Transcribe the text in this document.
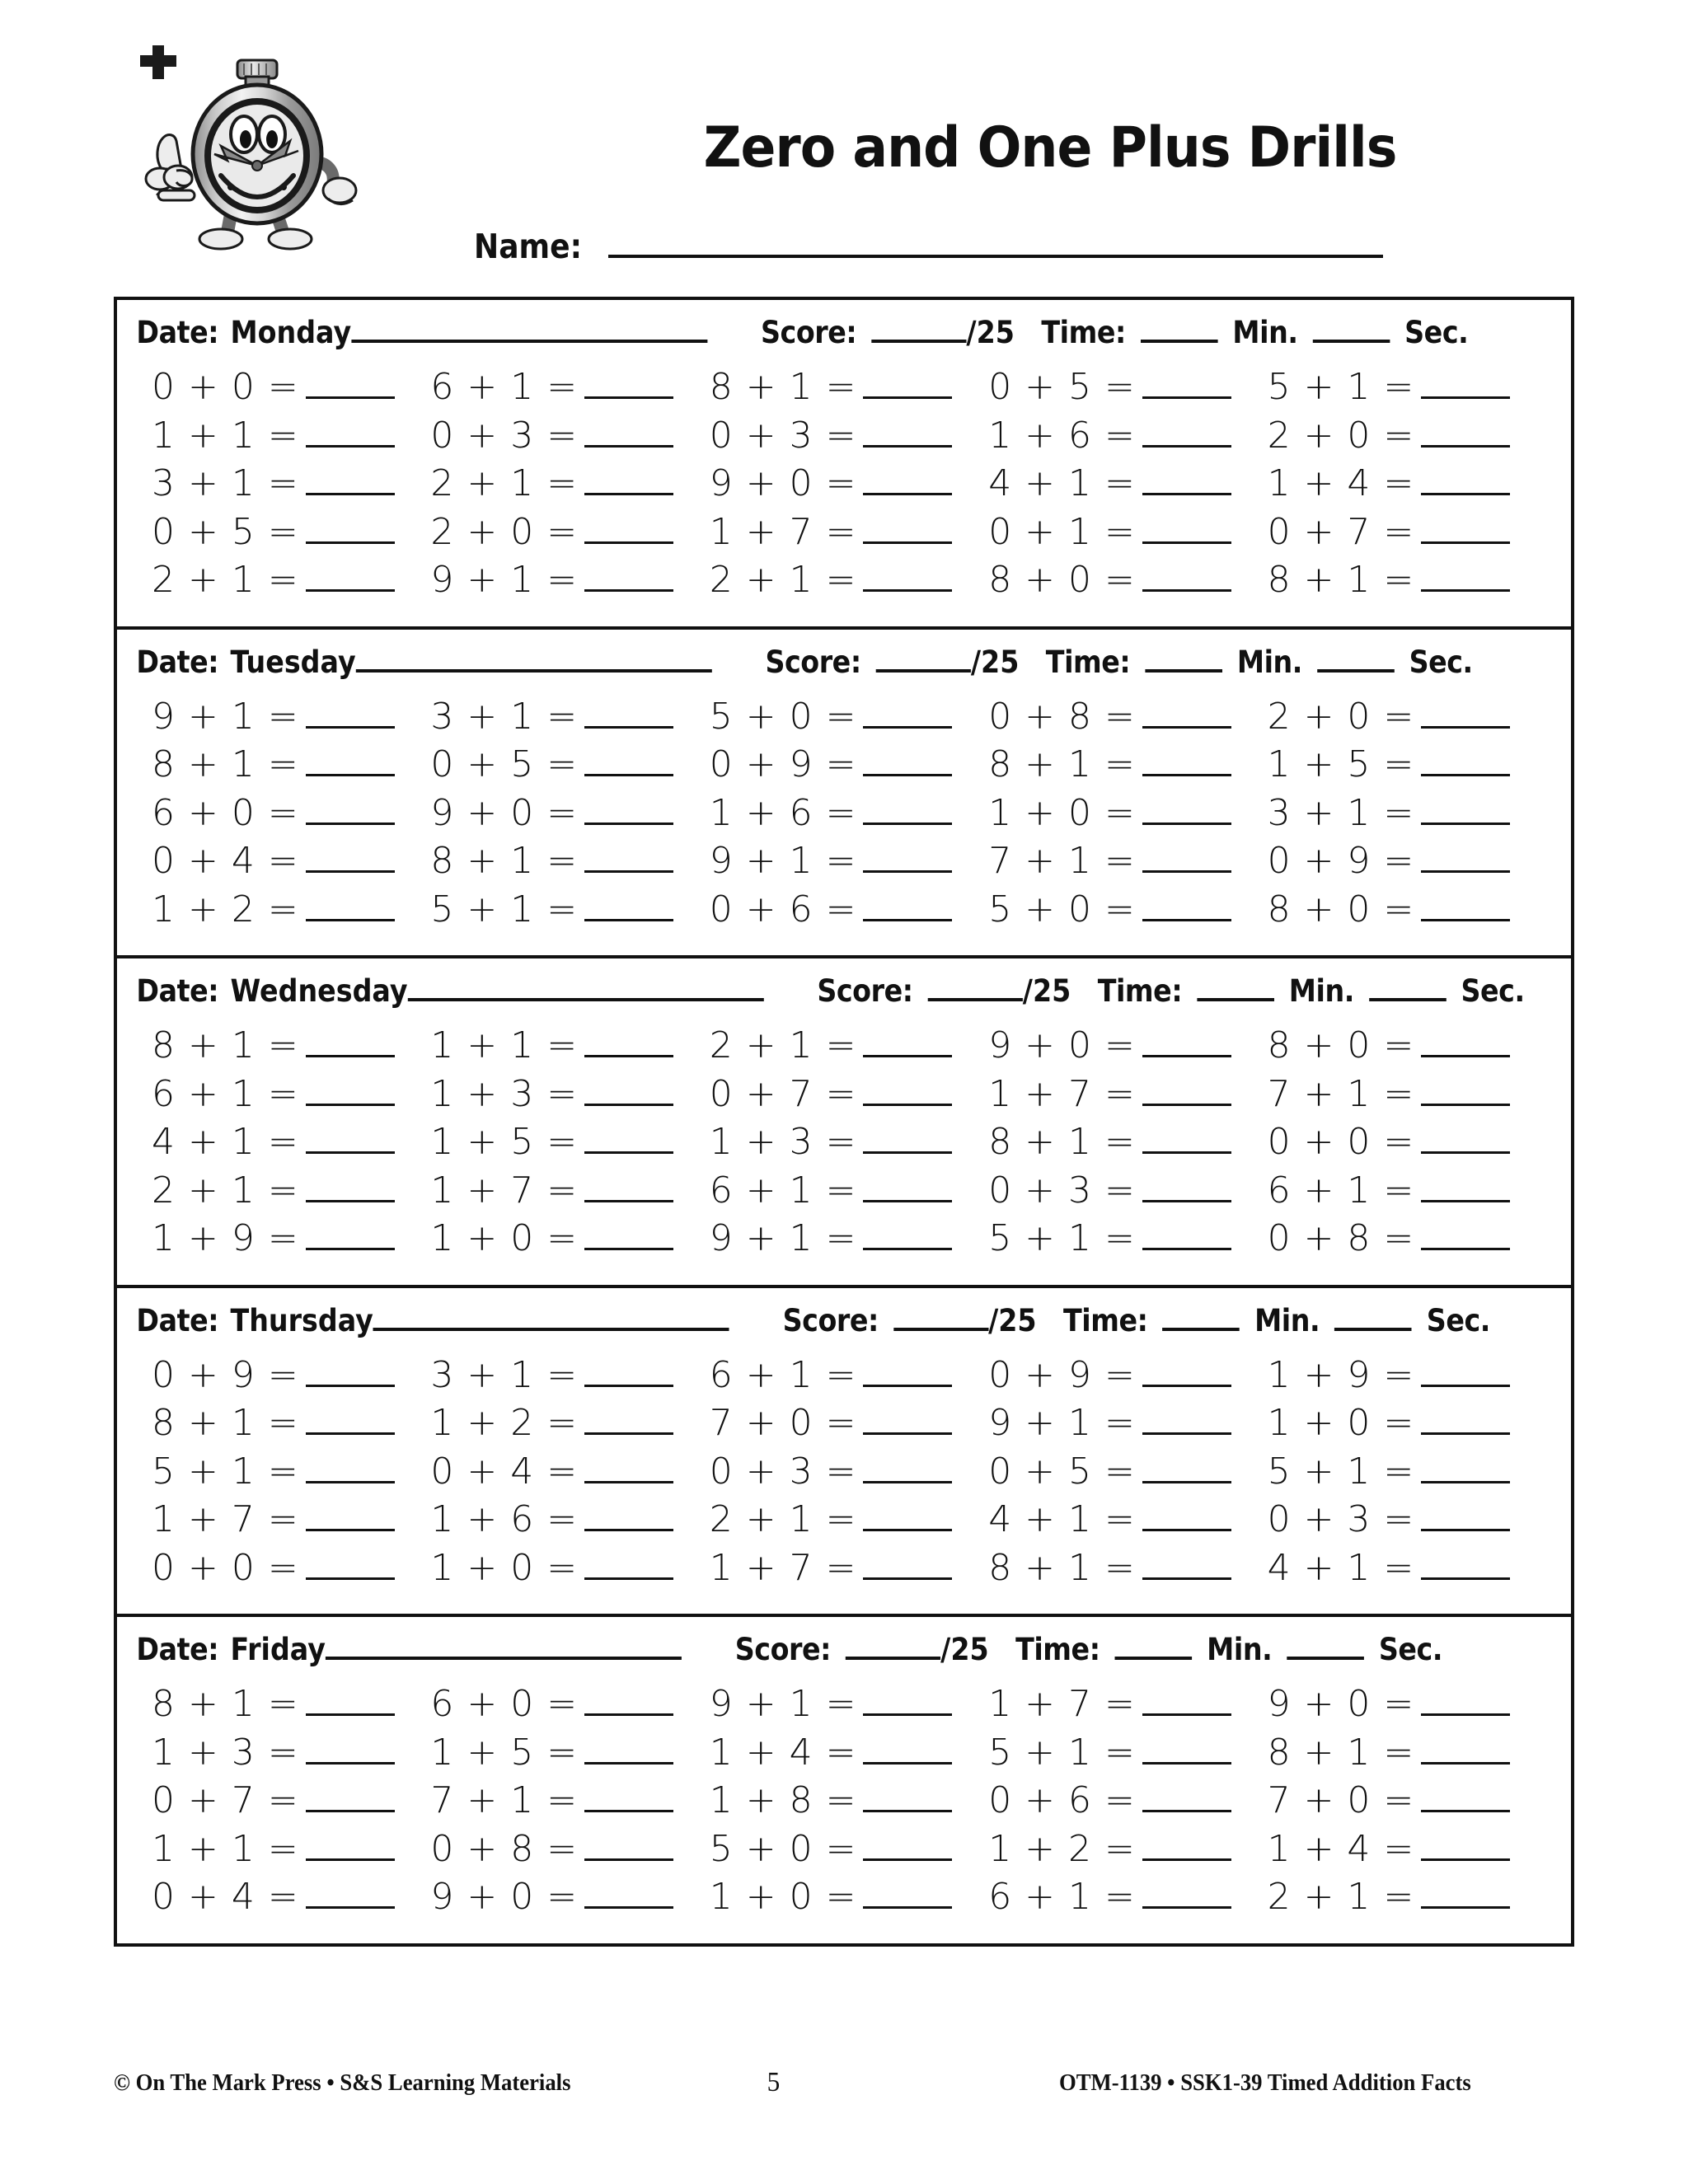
Zero and One Plus Drills
Name:
Date: Monday	Score:	/25 Time:	Min.	Sec.
0 + 0 =	6 + 1 =	8 + 1 =	0 + 5 =	5 + 1 =
1 + 1 =	0 + 3 =	0 + 3 =	1 + 6 =	2 + 0 =
3 + 1 =	2 + 1 =	9 + 0 =	4 + 1 =	1 + 4 =
0 + 5 =	2 + 0 =	1 + 7 =	0 + 1 =	0 + 7 =
2 + 1 =	9 + 1 =	2 + 1 =	8 + 0 =	8 + 1 =
Date: Tuesday	Score:	/25 Time:	Min.	Sec.
9 + 1 =	3 + 1 =	5 + 0 =	0 + 8 =	2 + 0 =
8 + 1 =	0 + 5 =	0 + 9 =	8 + 1 =	1 + 5 =
6 + 0 =	9 + 0 =	1 + 6 =	1 + 0 =	3 + 1 =
0 + 4 =	8 + 1 =	9 + 1 =	7 + 1 =	0 + 9 =
1 + 2 =	5 + 1 =	0 + 6 =	5 + 0 =	8 + 0 =
Date: Wednesday	Score:	/25 Time:	Min.	Sec.
8 + 1 =	1 + 1 =	2 + 1 =	9 + 0 =	8 + 0 =
6 + 1 =	1 + 3 =	0 + 7 =	1 + 7 =	7 + 1 =
4 + 1 =	1 + 5 =	1 + 3 =	8 + 1 =	0 + 0 =
2 + 1 =	1 + 7 =	6 + 1 =	0 + 3 =	6 + 1 =
1 + 9 =	1 + 0 =	9 + 1 =	5 + 1 =	0 + 8 =
Date: Thursday	Score:	/25 Time:	Min.	Sec.
0 + 9 =	3 + 1 =	6 + 1 =	0 + 9 =	1 + 9 =
8 + 1 =	1 + 2 =	7 + 0 =	9 + 1 =	1 + 0 =
5 + 1 =	0 + 4 =	0 + 3 =	0 + 5 =	5 + 1 =
1 + 7 =	1 + 6 =	2 + 1 =	4 + 1 =	0 + 3 =
0 + 0 =	1 + 0 =	1 + 7 =	8 + 1 =	4 + 1 =
Date: Friday	Score:	/25 Time:	Min.	Sec.
8 + 1 =	6 + 0 =	9 + 1 =	1 + 7 =	9 + 0 =
1 + 3 =	1 + 5 =	1 + 4 =	5 + 1 =	8 + 1 =
0 + 7 =	7 + 1 =	1 + 8 =	0 + 6 =	7 + 0 =
1 + 1 =	0 + 8 =	5 + 0 =	1 + 2 =	1 + 4 =
0 + 4 =	9 + 0 =	1 + 0 =	6 + 1 =	2 + 1 =
© On The Mark Press • S&S Learning Materials	5	OTM-1139 • SSK1-39 Timed Addition Facts
